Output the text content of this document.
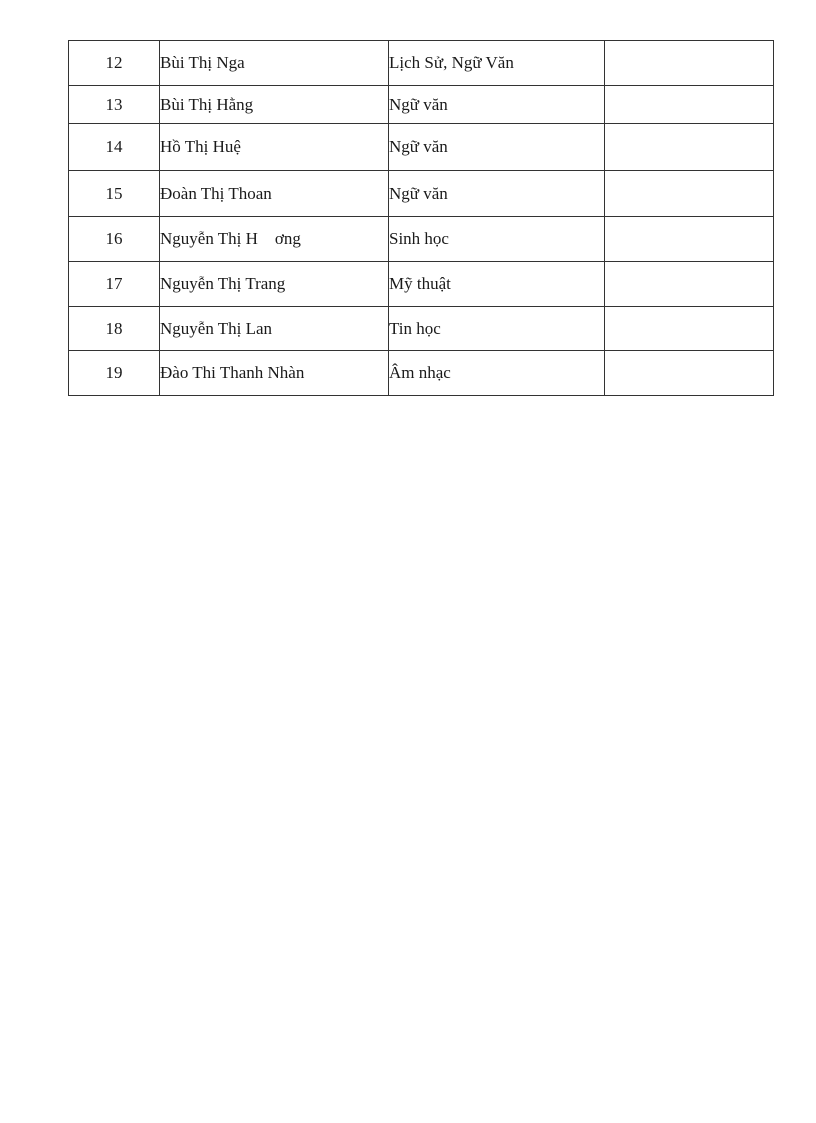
12	Bùi Thị Nga	Lịch Sử, Ngữ Văn	
13	Bùi Thị Hằng	Ngữ văn	
14	Hồ Thị Huệ	Ngữ văn	
15	Đoàn Thị Thoan	Ngữ văn	
16	Nguyễn Thị H    ơng	Sinh học	
17	Nguyễn Thị Trang	Mỹ thuật	
18	Nguyễn Thị Lan	Tin học	
19	Đào Thi Thanh Nhàn	Âm nhạc	
